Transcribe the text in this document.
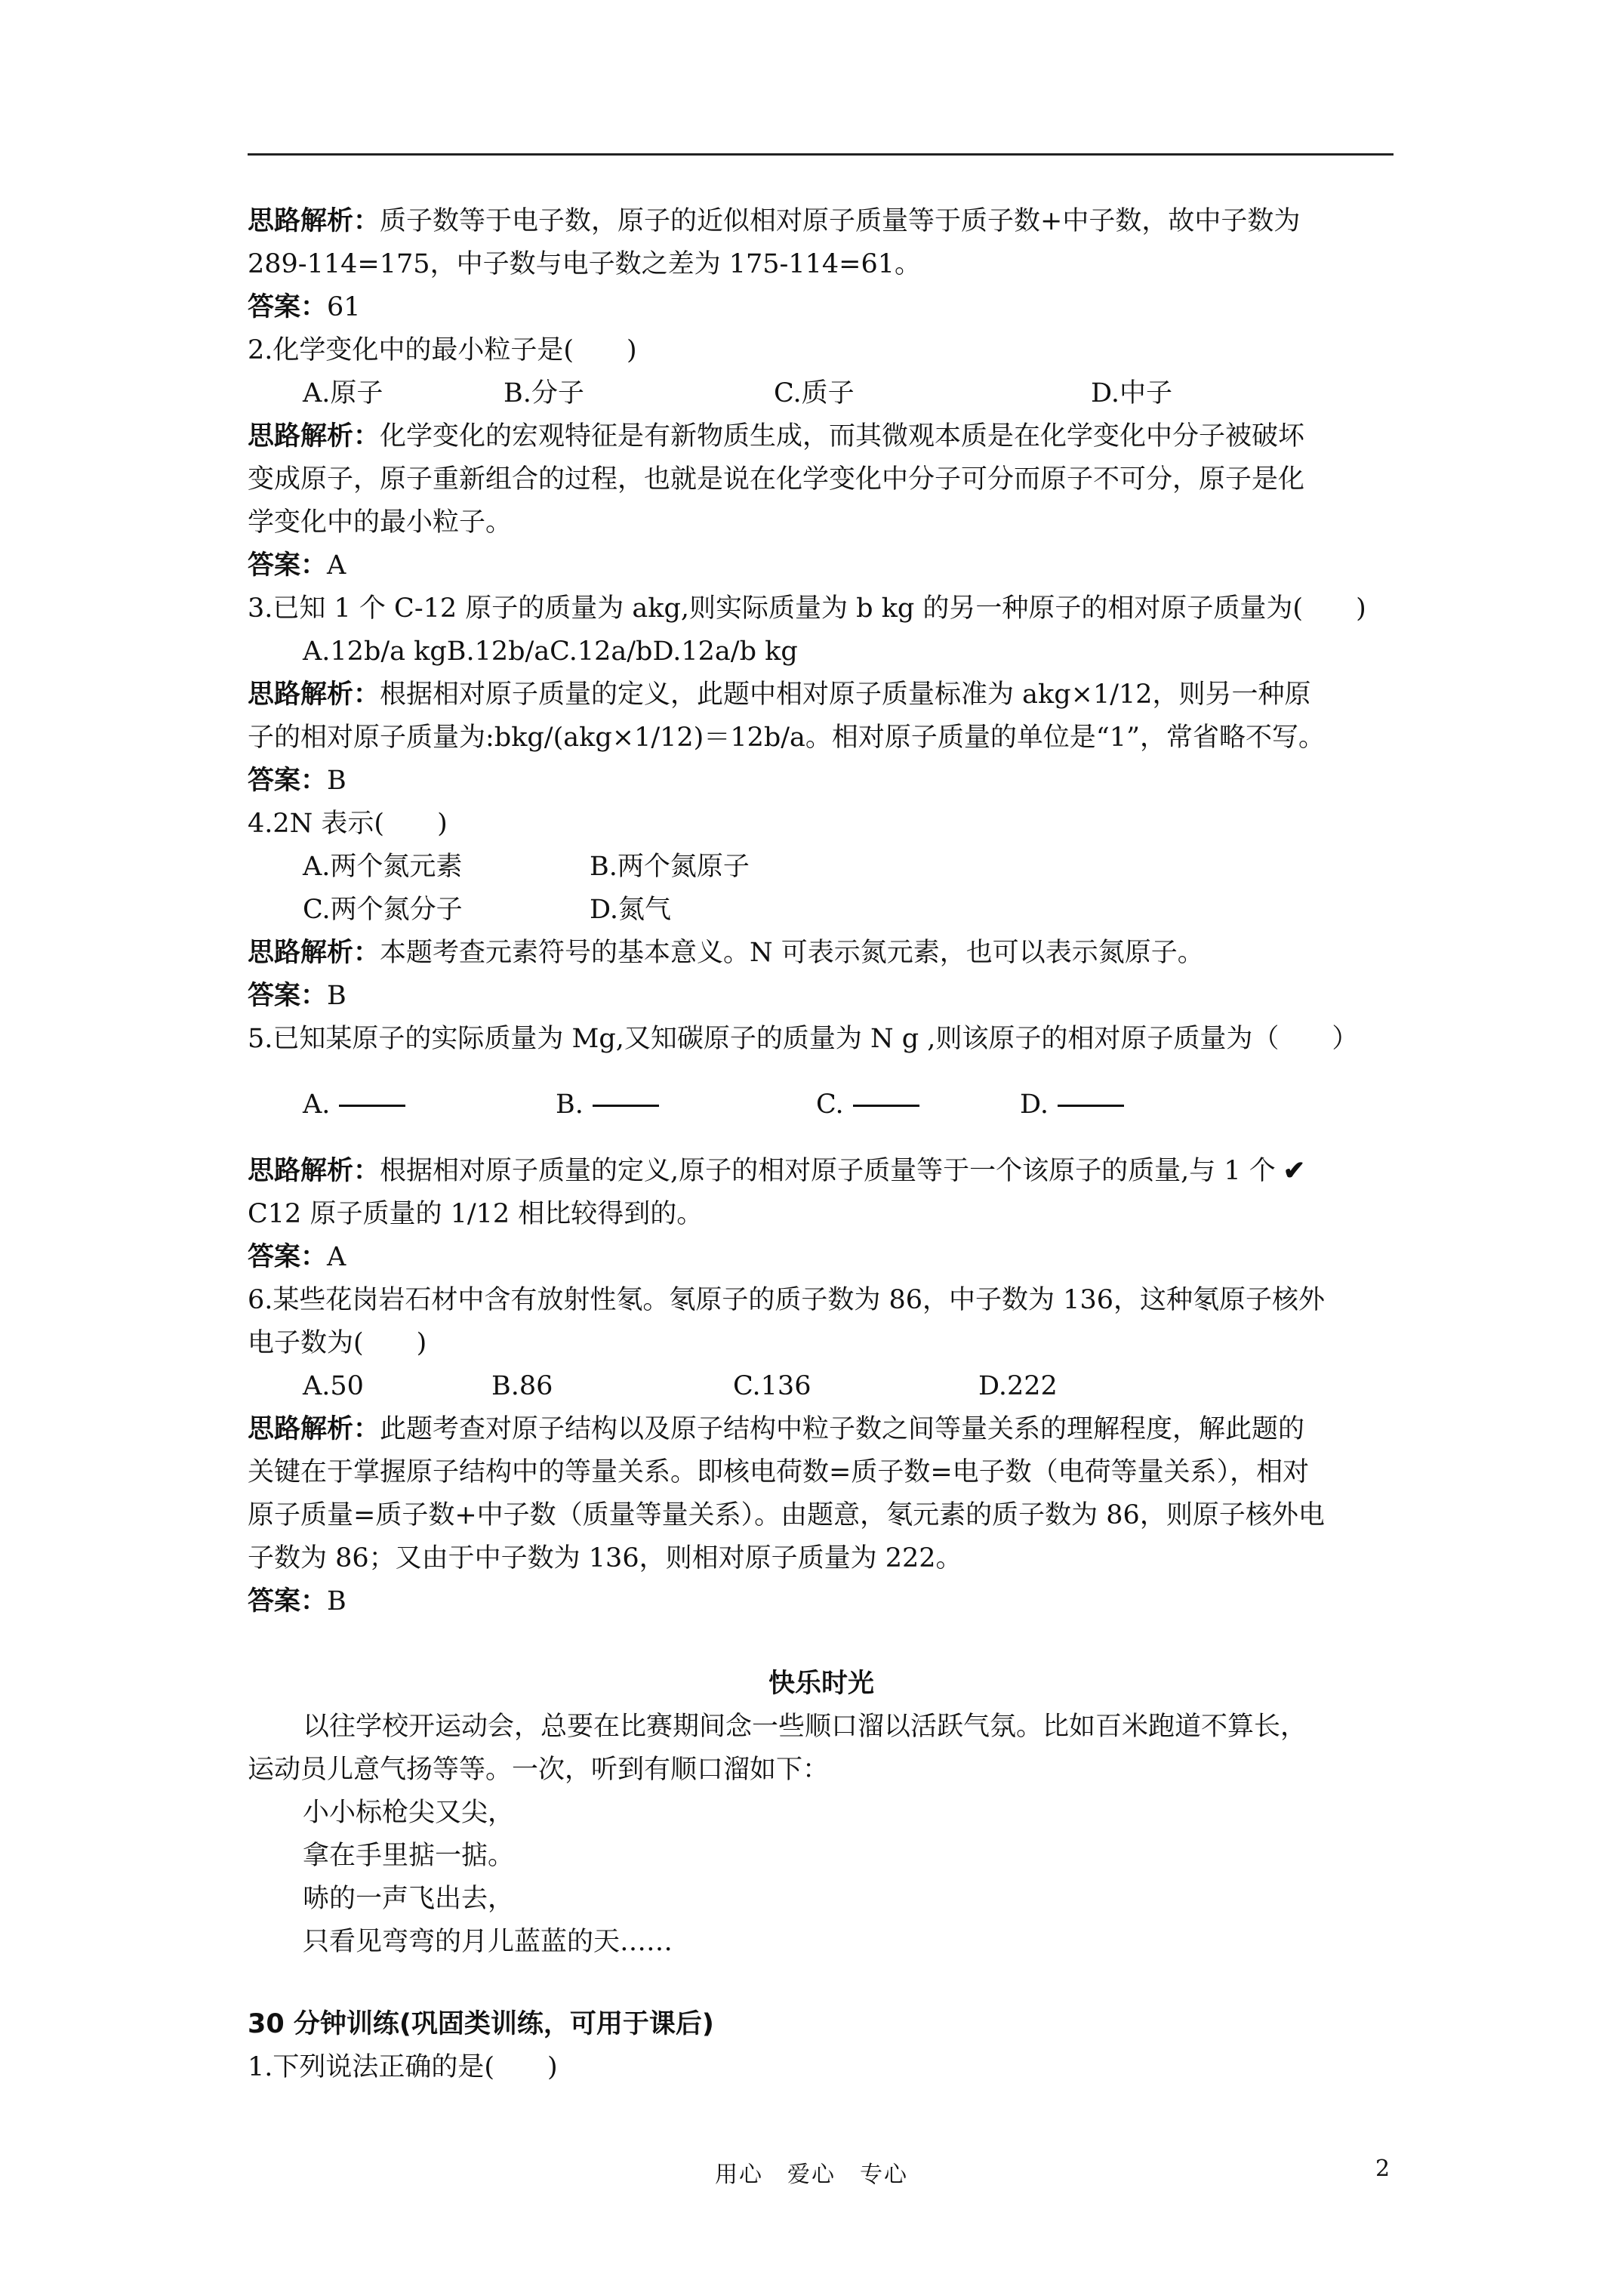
思路解析：质子数等于电子数，原子的近似相对原子质量等于质子数+中子数，故中子数为
289-114=175，中子数与电子数之差为 175-114=61。
答案：61
2.化学变化中的最小粒子是(　　)
A.原子	B.分子	C.质子	D.中子
思路解析：化学变化的宏观特征是有新物质生成，而其微观本质是在化学变化中分子被破坏
变成原子，原子重新组合的过程，也就是说在化学变化中分子可分而原子不可分，原子是化
学变化中的最小粒子。
答案：A
3.已知 1 个 C-12 原子的质量为 akg,则实际质量为 b kg 的另一种原子的相对原子质量为(　　)
A.12b/a kgB.12b/aC.12a/bD.12a/b kg
思路解析：根据相对原子质量的定义，此题中相对原子质量标准为 akg×1/12，则另一种原
子的相对原子质量为:bkg/(akg×1/12)＝12b/a。相对原子质量的单位是“1”，常省略不写。
答案：B
4.2N 表示(　　)
A.两个氮元素	B.两个氮原子
C.两个氮分子	D.氮气
思路解析：本题考查元素符号的基本意义。N 可表示氮元素，也可以表示氮原子。
答案：B
5.已知某原子的实际质量为 Mg,又知碳原子的质量为 N g ,则该原子的相对原子质量为（　　）
A.	B.	C.	D.
思路解析：根据相对原子质量的定义,原子的相对原子质量等于一个该原子的质量,与 1 个 ✔
C12 原子质量的 1/12 相比较得到的。
答案：A
6.某些花岗岩石材中含有放射性氡。氡原子的质子数为 86，中子数为 136，这种氡原子核外
电子数为(　　)
A.50	B.86	C.136	D.222
思路解析：此题考查对原子结构以及原子结构中粒子数之间等量关系的理解程度，解此题的
关键在于掌握原子结构中的等量关系。即核电荷数=质子数=电子数（电荷等量关系），相对
原子质量=质子数+中子数（质量等量关系）。由题意，氡元素的质子数为 86，则原子核外电
子数为 86；又由于中子数为 136，则相对原子质量为 222。
答案：B
快乐时光
以往学校开运动会，总要在比赛期间念一些顺口溜以活跃气氛。比如百米跑道不算长，
运动员儿意气扬等等。一次，听到有顺口溜如下：
小小标枪尖又尖，
拿在手里掂一掂。
哧的一声飞出去，
只看见弯弯的月儿蓝蓝的天……
30 分钟训练(巩固类训练，可用于课后)
1.下列说法正确的是(　　)
用心　爱心　专心	2
